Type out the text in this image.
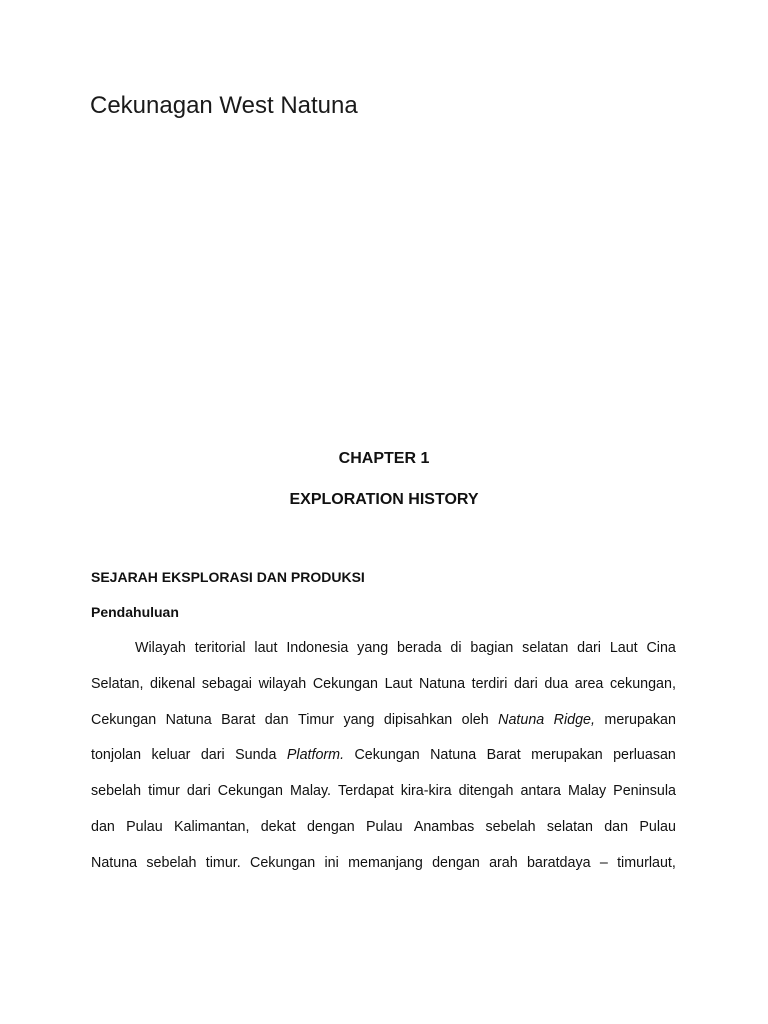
Cekunagan West Natuna
CHAPTER 1
EXPLORATION HISTORY
SEJARAH EKSPLORASI DAN PRODUKSI
Pendahuluan
Wilayah teritorial laut Indonesia yang berada di bagian selatan dari Laut Cina
Selatan, dikenal sebagai wilayah Cekungan Laut Natuna terdiri dari dua area cekungan,
Cekungan Natuna Barat dan Timur yang dipisahkan oleh Natuna Ridge, merupakan
tonjolan keluar dari Sunda Platform. Cekungan Natuna Barat merupakan perluasan
sebelah timur dari Cekungan Malay. Terdapat kira-kira ditengah antara Malay Peninsula
dan Pulau Kalimantan, dekat dengan Pulau Anambas sebelah selatan dan Pulau
Natuna sebelah timur. Cekungan ini memanjang dengan arah baratdaya – timurlaut,
